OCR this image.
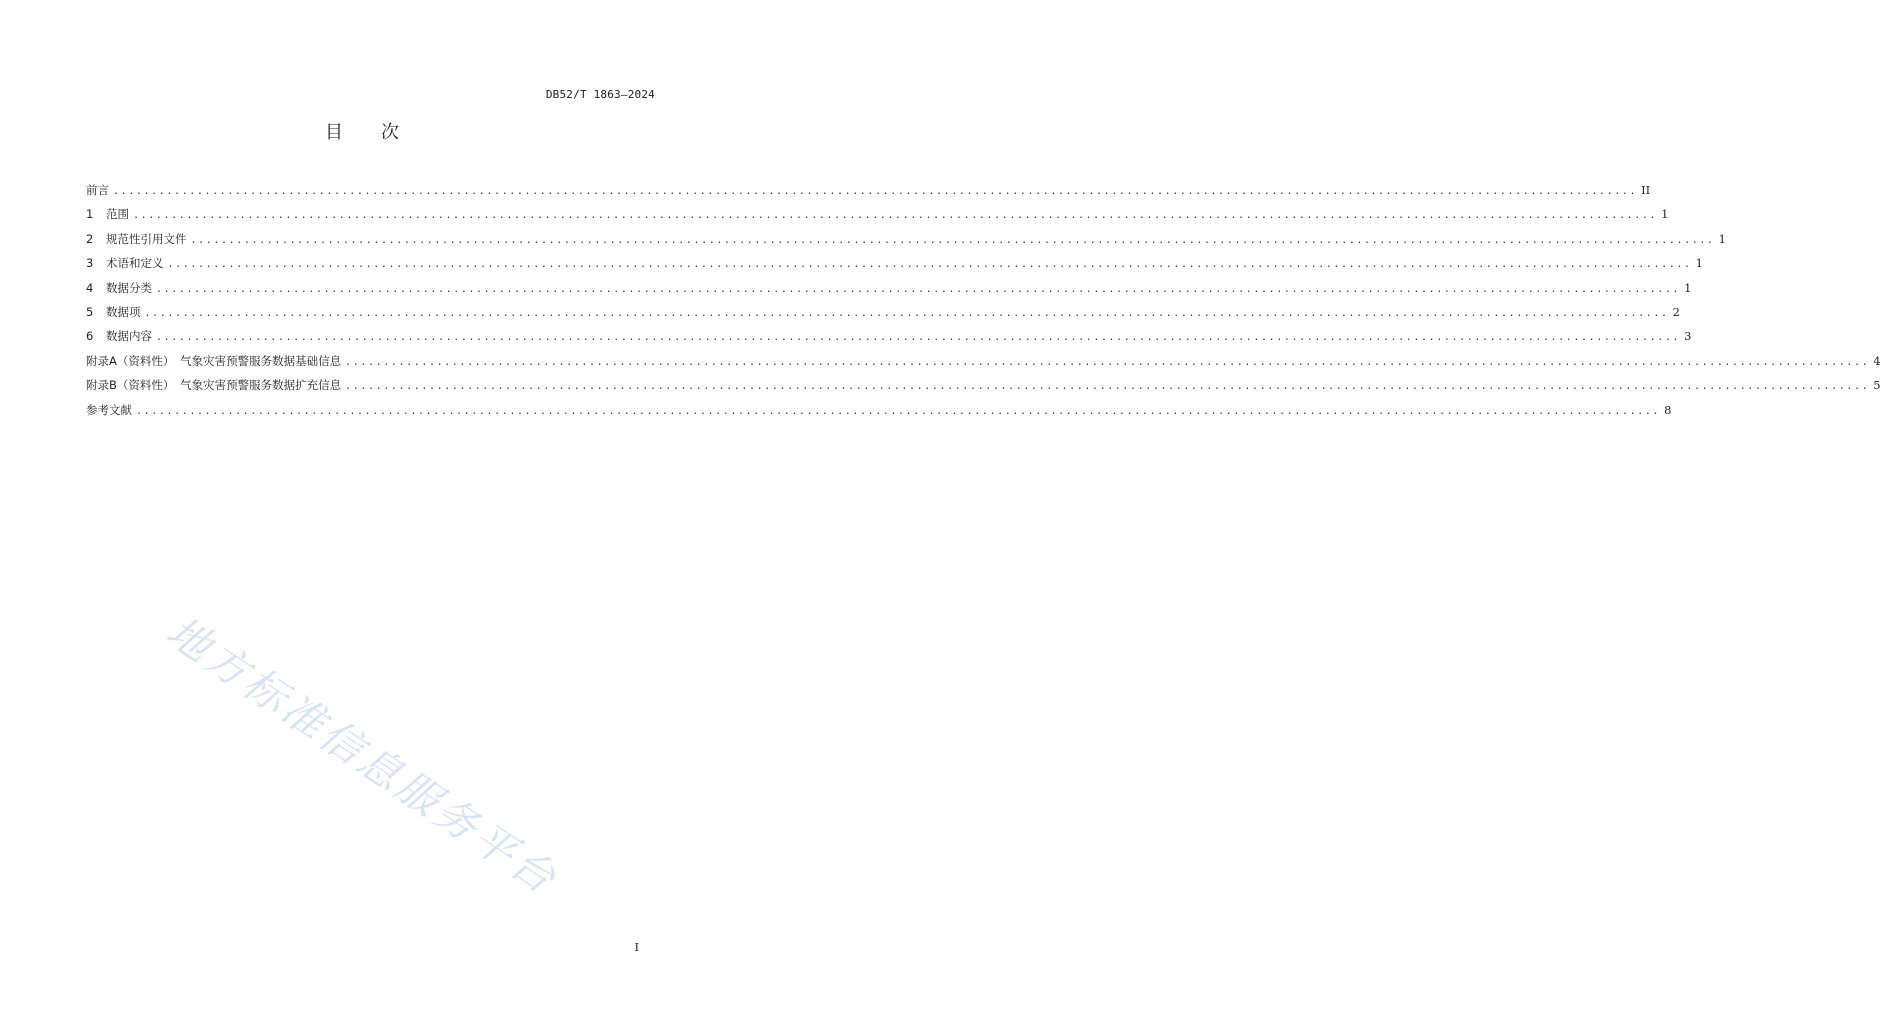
DB52/T 1863—2024
目次
前言 ........................................................................................................................................................................................................ II
1	范围 ........................................................................................................................................................................................................ 1
2	规范性引用文件 ........................................................................................................................................................................................................ 1
3	术语和定义 ........................................................................................................................................................................................................ 1
4	数据分类 ........................................................................................................................................................................................................ 1
5	数据项 ........................................................................................................................................................................................................ 2
6	数据内容 ........................................................................................................................................................................................................ 3
附录A（资料性）　气象灾害预警服务数据基础信息 ........................................................................................................................................................................................................ 4
附录B（资料性）　气象灾害预警服务数据扩充信息 ........................................................................................................................................................................................................ 5
参考文献 ........................................................................................................................................................................................................ 8
地方标准信息服务平台
I
